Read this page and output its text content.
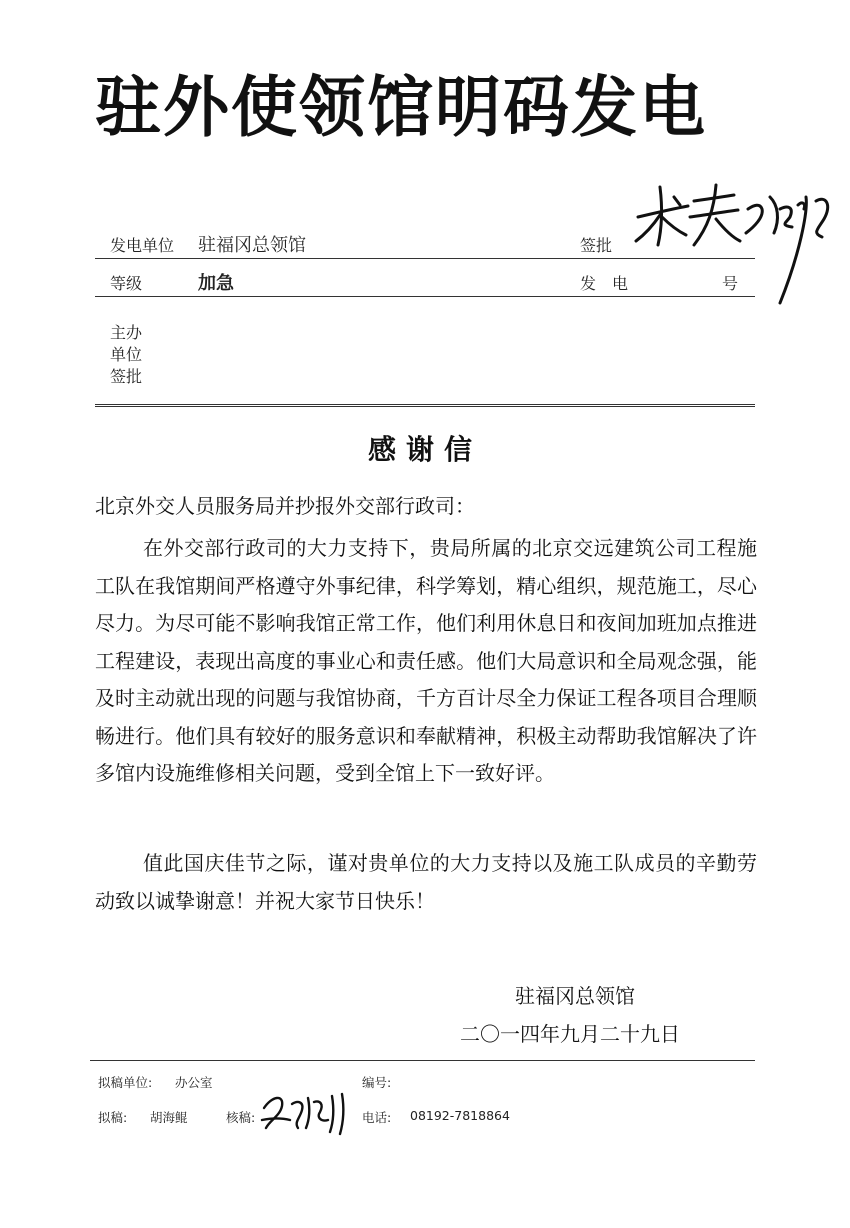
驻外使领馆明码发电
发电单位 驻福冈总领馆	签批
等级	加急	发　电	号
主办
单位
签批
感谢信
北京外交人员服务局并抄报外交部行政司：

在外交部行政司的大力支持下，贵局所属的北京交远建筑公司工程施工队在我馆期间严格遵守外事纪律，科学筹划，精心组织，规范施工，尽心尽力。为尽可能不影响我馆正常工作，他们利用休息日和夜间加班加点推进工程建设，表现出高度的事业心和责任感。他们大局意识和全局观念强，能及时主动就出现的问题与我馆协商，千方百计尽全力保证工程各项目合理顺畅进行。他们具有较好的服务意识和奉献精神，积极主动帮助我馆解决了许多馆内设施维修相关问题，受到全馆上下一致好评。

值此国庆佳节之际，谨对贵单位的大力支持以及施工队成员的辛勤劳动致以诚挚谢意！并祝大家节日快乐！

驻福冈总领馆
二〇一四年九月二十九日
拟稿单位: 办公室	编号:
拟稿: 胡海鲲	核稿:	电话: 08192-7818864
